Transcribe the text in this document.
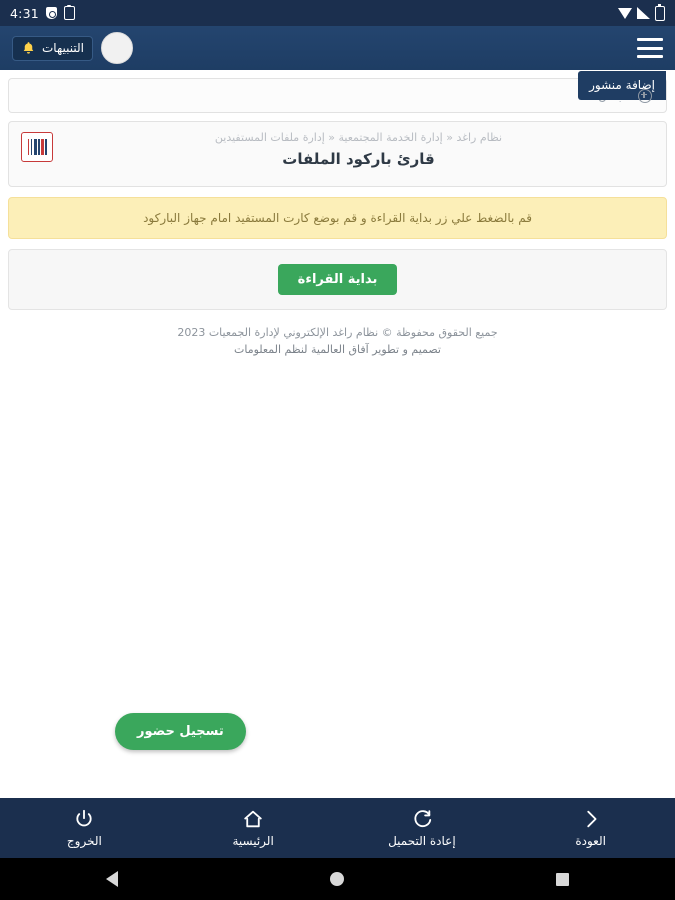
4:31
التنبيهات
إضافة منشور
نظام راغد « إدارة الخدمة المجتمعية « إدارة ملفات المستفيدين
قارئ باركود الملفات
قم بالضغط علي زر بداية القراءة و قم بوضع كارت المستفيد امام جهاز الباركود
بداية القراءة
جميع الحقوق محفوظة © نظام راغد الإلكتروني لإدارة الجمعيات 2023
تصميم و تطوير آفاق العالمية لنظم المعلومات
تسجيل حضور
العودة
إعادة التحميل
الرئيسية
الخروج
